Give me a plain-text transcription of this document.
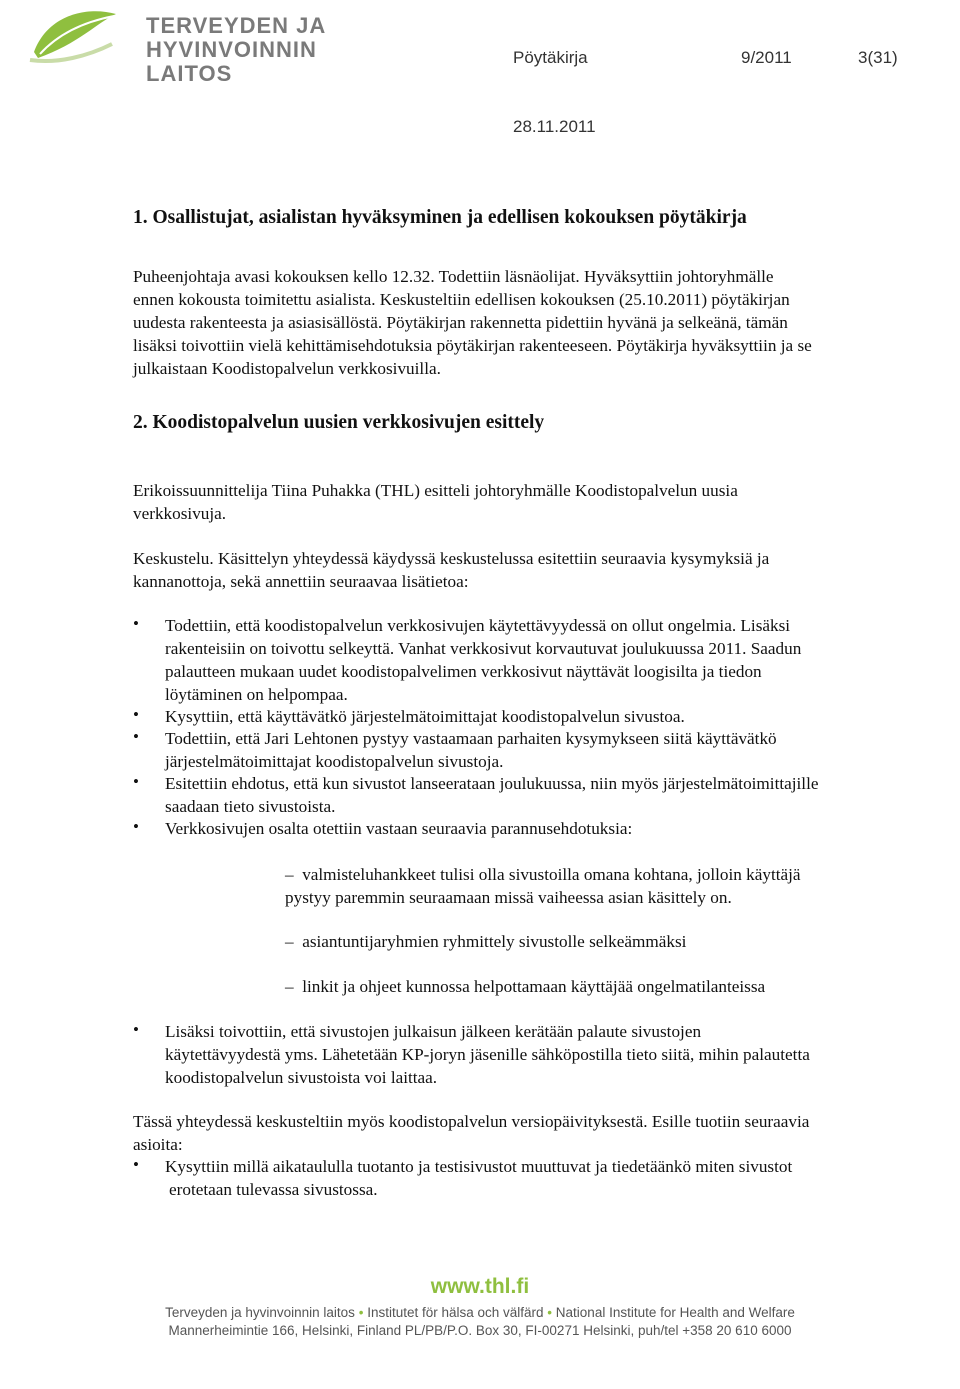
TERVEYDEN JA
HYVINVOINNIN LAITOS
Pöytäkirja	9/2011	3(31)
28.11.2011
1. Osallistujat, asialistan hyväksyminen ja edellisen kokouksen pöytäkirja
Puheenjohtaja avasi kokouksen kello 12.32. Todettiin läsnäolijat. Hyväksyttiin johtoryhmälle
ennen kokousta toimitettu asialista. Keskusteltiin edellisen kokouksen (25.10.2011) pöytäkirjan
uudesta rakenteesta ja asiasisällöstä. Pöytäkirjan rakennetta pidettiin hyvänä ja selkeänä, tämän
lisäksi toivottiin vielä kehittämisehdotuksia pöytäkirjan rakenteeseen. Pöytäkirja hyväksyttiin ja se
julkaistaan Koodistopalvelun verkkosivuilla.
2. Koodistopalvelun uusien verkkosivujen esittely
Erikoissuunnittelija Tiina Puhakka (THL) esitteli johtoryhmälle Koodistopalvelun uusia
verkkosivuja.
Keskustelu. Käsittelyn yhteydessä käydyssä keskustelussa esitettiin seuraavia kysymyksiä ja
kannanottoja, sekä annettiin seuraavaa lisätietoa:
• Todettiin, että koodistopalvelun verkkosivujen käytettävyydessä on ollut ongelmia. Lisäksi
rakenteisiin on toivottu selkeyttä. Vanhat verkkosivut korvautuvat joulukuussa 2011. Saadun
palautteen mukaan uudet koodistopalvelimen verkkosivut näyttävät loogisilta ja tiedon
löytäminen on helpompaa.
• Kysyttiin, että käyttävätkö järjestelmätoimittajat koodistopalvelun sivustoa.
• Todettiin, että Jari Lehtonen pystyy vastaamaan parhaiten kysymykseen siitä käyttävätkö
järjestelmätoimittajat koodistopalvelun sivustoja.
• Esitettiin ehdotus, että kun sivustot lanseerataan joulukuussa, niin myös järjestelmätoimittajille
saadaan tieto sivustoista.
• Verkkosivujen osalta otettiin vastaan seuraavia parannusehdotuksia:
– valmisteluhankkeet tulisi olla sivustoilla omana kohtana, jolloin käyttäjä
pystyy paremmin seuraamaan missä vaiheessa asian käsittely on.
– asiantuntijaryhmien ryhmittely sivustolle selkeämmäksi
– linkit ja ohjeet kunnossa helpottamaan käyttäjää ongelmatilanteissa
• Lisäksi toivottiin, että sivustojen julkaisun jälkeen kerätään palaute sivustojen
käytettävyydestä yms. Lähetetään KP-joryn jäsenille sähköpostilla tieto siitä, mihin palautetta
koodistopalvelun sivustoista voi laittaa.
Tässä yhteydessä keskusteltiin myös koodistopalvelun versiopäivityksestä. Esille tuotiin seuraavia
asioita:
• Kysyttiin millä aikataululla tuotanto ja testisivustot muuttuvat ja tiedetäänkö miten sivustot
erotetaan tulevassa sivustossa.
www.thl.fi
Terveyden ja hyvinvoinnin laitos • Institutet för hälsa och välfärd • National Institute for Health and Welfare
Mannerheimintie 166, Helsinki, Finland PL/PB/P.O. Box 30, FI-00271 Helsinki, puh/tel +358 20 610 6000
